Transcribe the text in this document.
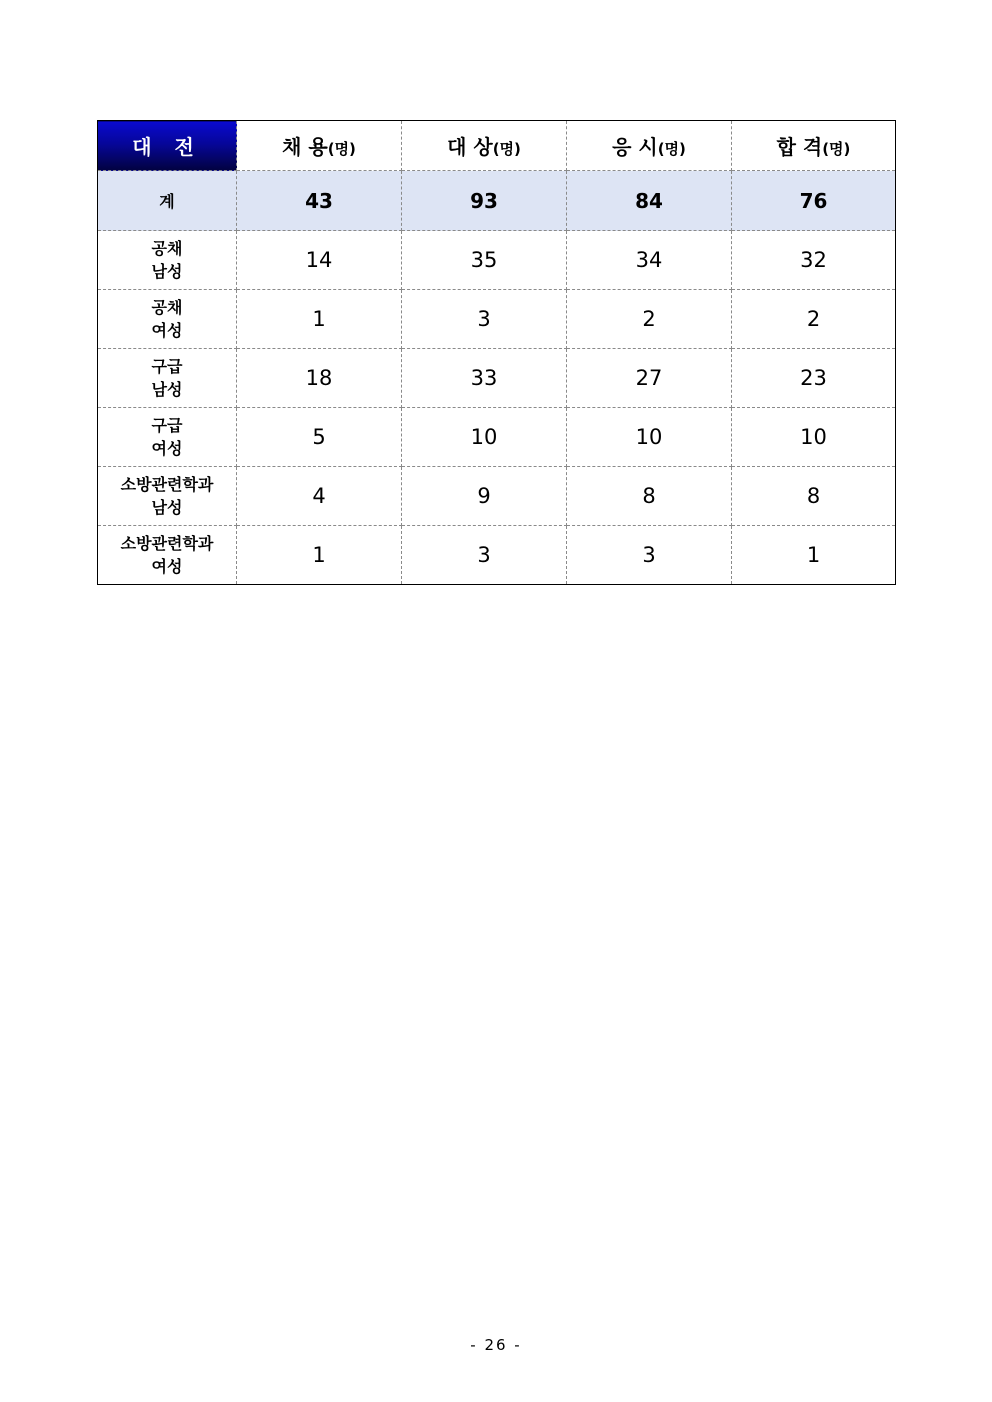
대 전	채 용(명)	대 상(명)	응 시(명)	합 격(명)
계	43	93	84	76

공채
남성	14	35	34	32

공채
여성	1	3	2	2

구급
남성	18	33	27	23

구급
여성	5	10	10	10

소방관련학과
남성	4	9	8	8

소방관련학과
여성	1	3	3	1
- 26 -
